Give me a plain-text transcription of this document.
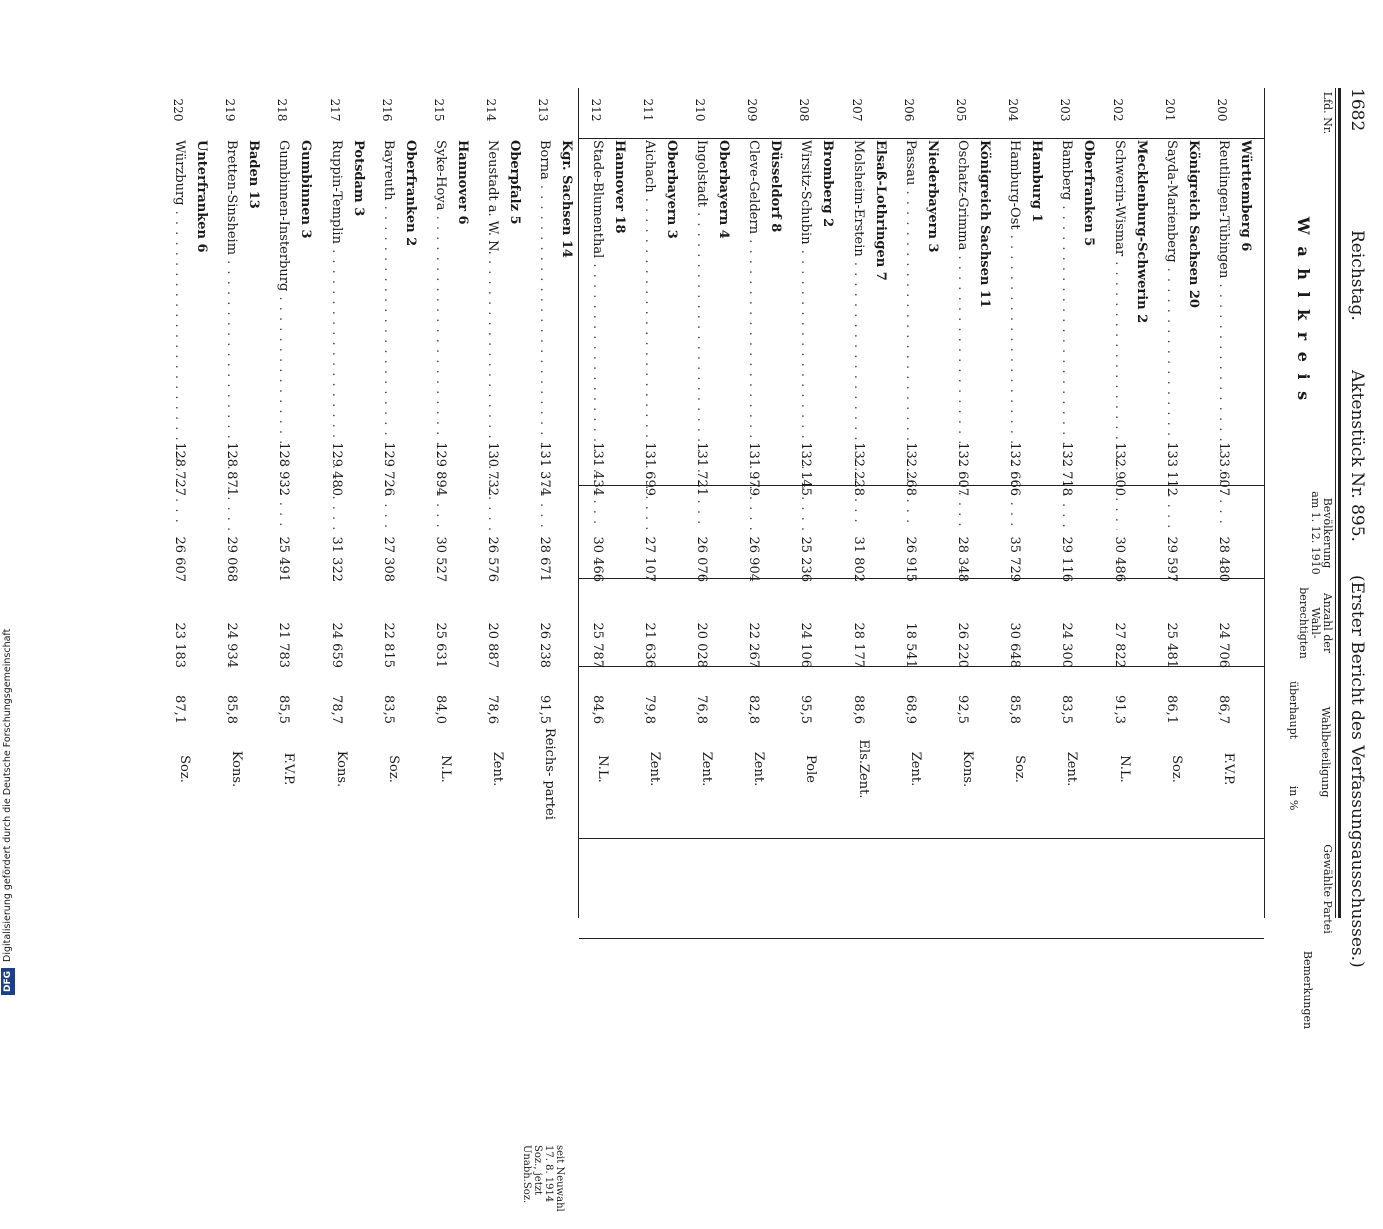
1682
Reichstag.
Aktenstück Nr. 895.
(Erster Bericht des Verfassungsausschusses.)
Lfd. Nr.
W a h l k r e i s
Bevölkerung am 1. 12. 1910
Anzahl der Wahl- berechtigten
Wahlbeteiligung
überhaupt
in %
Gewählte Partei
Bemerkungen
200
Württemberg 6
Reutlingen-Tübingen . . .
133 607
28 480
24 706
86,7
F.V.P.
201
Königreich Sachsen 20
Sayda-Marienberg . . .
133 112
29 597
25 481
86,1
Soz.
202
Mecklenburg-Schwerin 2
Schwerin-Wismar . . .
132 900
30 486
27 822
91,3
N.L.
203
Oberfranken 5
Bamberg . . .
132 718
29 116
24 300
83,5
Zent.
204
Hamburg 1
Hamburg-Ost . . .
132 666
35 729
30 648
85,8
Soz.
205
Königreich Sachsen 11
Oschatz-Grimma . . .
132 607
28 348
26 220
92,5
Kons.
206
Niederbayern 3
Passau . . .
132 268
26 915
18 541
68,9
Zent.
207
Elsaß-Lothringen 7
Molsheim-Erstein . . .
132 228
31 802
28 177
88,6
Els.Zent.
208
Bromberg 2
Wirsitz-Schubin . . .
132 145
25 236
24 106
95,5
Pole
209
Düsseldorf 8
Cleve-Geldern . . .
131 979
26 904
22 267
82,8
Zent.
210
Oberbayern 4
Ingolstadt . . .
131 721
26 076
20 028
76,8
Zent.
211
Oberbayern 3
Aichach . . .
131 699
27 107
21 636
79,8
Zent.
212
Hannover 18
Stade-Blumenthal . . .
131 434
30 466
25 787
84,6
N.L.
213
Kgr. Sachsen 14
Borna . . .
131 374
28 671
26 238
91,5
Reichs- partei
214
Oberpfalz 5
Neustadt a. W. N. . . .
130 732
26 576
20 887
78,6
Zent.
215
Hannover 6
Syke-Hoya . . .
129 894
30 527
25 631
84,0
N.L.
216
Oberfranken 2
Bayreuth . . .
129 726
27 308
22 815
83,5
Soz.
217
Potsdam 3
Ruppin-Templin . . .
129 480
31 322
24 659
78,7
Kons.
218
Gumbinnen 3
Gumbinnen-Insterburg . . .
128 932
25 491
21 783
85,5
F.V.P.
219
Baden 13
Bretten-Sinsheim . . .
128 871
29 068
24 934
85,8
Kons.
220
Unterfranken 6
Würzburg . . .
128 727
26 607
23 183
87,1
Soz.
seit Neuwahl 17. 8. 1914 Soz., jetzt Unabh.Soz.
DFGDigitalisierung gefördert durch die Deutsche Forschungsgemeinschaft
